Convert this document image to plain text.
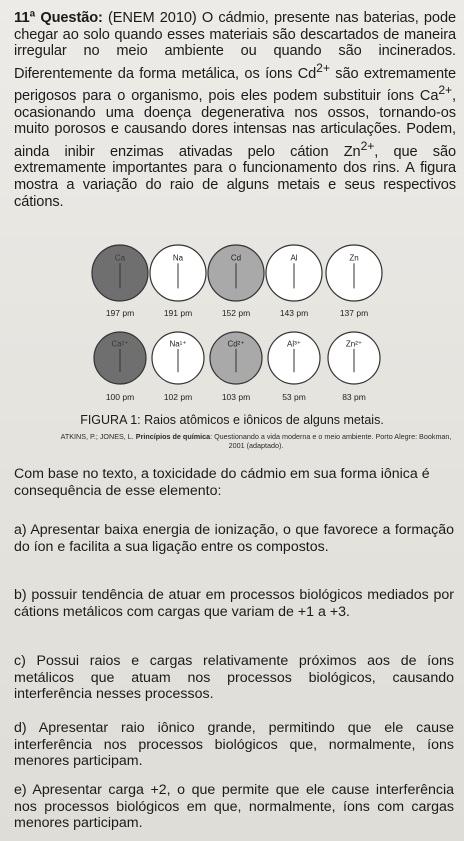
11ª Questão: (ENEM 2010) O cádmio, presente nas baterias, pode chegar ao solo quando esses materiais são descartados de maneira irregular no meio ambiente ou quando são incinerados. Diferentemente da forma metálica, os íons $Cd^{2+}$ são extremamente perigosos para o organismo, pois eles podem substituir íons $Ca^{2+}$, ocasionando uma doença degenerativa nos ossos, tornando-os muito porosos e causando dores intensas nas articulações. Podem, ainda inibir enzimas ativadas pelo cátion $Zn^{2+}$, que são extremamente importantes para o funcionamento dos rins. A figura mostra a variação do raio de alguns metais e seus respectivos cátions.

Ca
197 pm
Na
191 pm
Cd
152 pm
Al
143 pm
Zn
137 pm
Ca²⁺
100 pm
Na¹⁺
102 pm
Cd²⁺
103 pm
Al³⁺
53 pm
Zn²⁺
83 pm
FIGURA 1: Raios atômicos e iônicos de alguns metais.
ATKINS, P.; JONES, L. Princípios de química: Questionando a vida moderna e o meio ambiente. Porto Alegre: Bookman, 2001 (adaptado).
Com base no texto, a toxicidade do cádmio em sua forma iônica é consequência de esse elemento:
a) Apresentar baixa energia de ionização, o que favorece a formação do íon e facilita a sua ligação entre os compostos.
b) possuir tendência de atuar em processos biológicos mediados por cátions metálicos com cargas que variam de +1 a +3.
c) Possui raios e cargas relativamente próximos aos de íons metálicos que atuam nos processos biológicos, causando interferência nesses processos.
d) Apresentar raio iônico grande, permitindo que ele cause interferência nos processos biológicos que, normalmente, íons menores participam.
e) Apresentar carga +2, o que permite que ele cause interferência nos processos biológicos em que, normalmente, íons com cargas menores participam.
